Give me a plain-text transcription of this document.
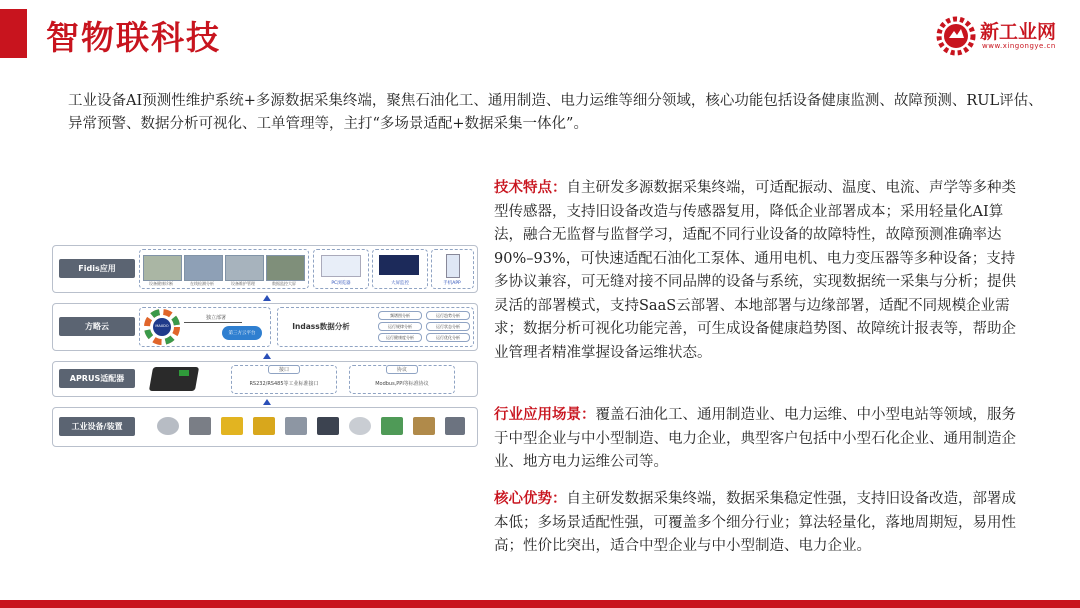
智物联科技	新工业网
www.xingongye.cn
工业设备AI预测性维护系统+多源数据采集终端，聚焦石油化工、通用制造、电力运维等细分领域，核心功能包括设备健康监测、故障预测、RUL评估、异常预警、数据分析可视化、工单管理等，主打“多场景适配+数据采集一体化”。
Fidis应用
设备健康诊断	在线检测分析	设备维护管理	数据监控大屏	PC浏览器	大屏监控	手机APP
方略云	MAXDO
独立部署
第三方云平台
Indass数据分析
频谱图分析	运行趋势分析
运行规律分析	运行状态分析
运行健康度分析	运行优化分析
APRUS适配器
接口
RS232/RS485等工业标准接口
协议
Modbus,PPI等标准协议
工业设备/装置
技术特点：自主研发多源数据采集终端，可适配振动、温度、电流、声学等多种类型传感器，支持旧设备改造与传感器复用，降低企业部署成本；采用轻量化AI算法，融合无监督与监督学习，适配不同行业设备的故障特性，故障预测准确率达90%–93%，可快速适配石油化工泵体、通用电机、电力变压器等多种设备；支持多协议兼容，可无缝对接不同品牌的设备与系统，实现数据统一采集与分析；提供灵活的部署模式，支持SaaS云部署、本地部署与边缘部署，适配不同规模企业需求；数据分析可视化功能完善，可生成设备健康趋势图、故障统计报表等，帮助企业管理者精准掌握设备运维状态。
行业应用场景：覆盖石油化工、通用制造业、电力运维、中小型电站等领域，服务于中型企业与中小型制造、电力企业，典型客户包括中小型石化企业、通用制造企业、地方电力运维公司等。
核心优势：自主研发数据采集终端，数据采集稳定性强，支持旧设备改造，部署成本低；多场景适配性强，可覆盖多个细分行业；算法轻量化，落地周期短，易用性高；性价比突出，适合中型企业与中小型制造、电力企业。
